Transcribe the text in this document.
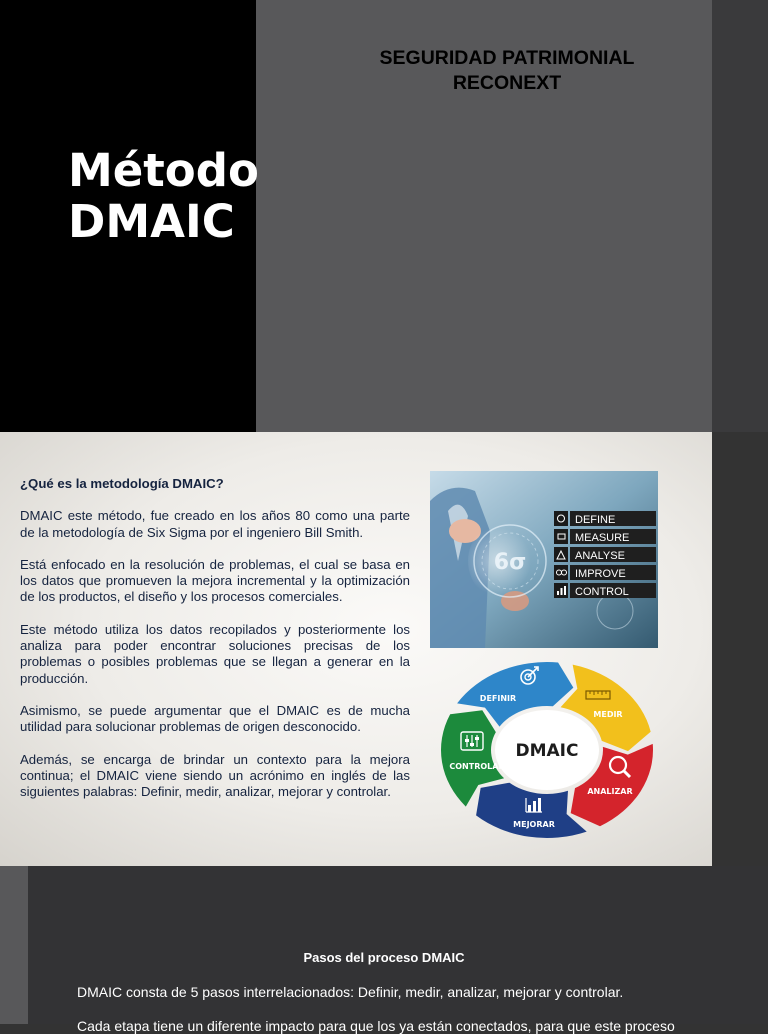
SEGURIDAD PATRIMONIAL
RECONEXT
Método
DMAIC

¿Qué es la metodología DMAIC?

DMAIC este método, fue creado en los años 80 como una parte de la metodología de Six Sigma por el ingeniero Bill Smith.

Está enfocado en la resolución de problemas, el cual se basa en los datos que promueven la mejora incremental y la optimización de los productos, el diseño y los procesos comerciales.

Este método utiliza los datos recopilados y posteriormente los analiza para poder encontrar soluciones precisas de los problemas o posibles problemas que se llegan a generar en la producción.

Asimismo, se puede argumentar que el DMAIC es de mucha utilidad para solucionar problemas de origen desconocido.

Además, se encarga de brindar un contexto para la mejora continua; el DMAIC viene siendo un acrónimo en inglés de las siguientes palabras: Definir, medir, analizar, mejorar y controlar.

6σ
DEFINE
MEASURE
ANALYSE
IMPROVE
CONTROL
DMAIC
DEFINIR
MEDIR
ANALIZAR
MEJORAR
CONTROLAR
Pasos del proceso DMAIC
DMAIC consta de 5 pasos interrelacionados: Definir, medir, analizar, mejorar y controlar.
Cada etapa tiene un diferente impacto para que los ya están conectados, para que este proceso
